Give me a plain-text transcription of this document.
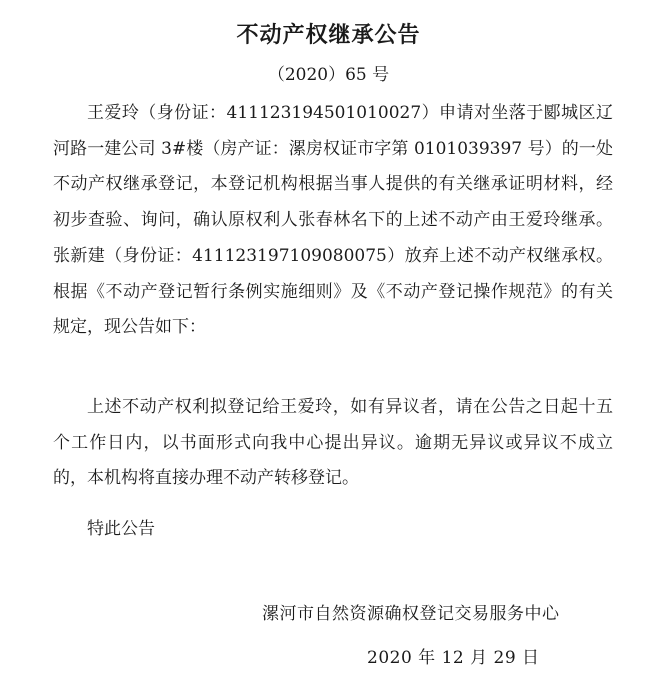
不动产权继承公告
（2020）65 号

王爱玲（身份证：411123194501010027）申请对坐落于郾城区辽河路一建公司 3#楼（房产证：漯房权证市字第 0101039397 号）的一处不动产权继承登记，本登记机构根据当事人提供的有关继承证明材料，经初步查验、询问，确认原权利人张春林名下的上述不动产由王爱玲继承。张新建（身份证：411123197109080075）放弃上述不动产权继承权。根据《不动产登记暂行条例实施细则》及《不动产登记操作规范》的有关规定，现公告如下：

上述不动产权利拟登记给王爱玲，如有异议者，请在公告之日起十五个工作日内，以书面形式向我中心提出异议。逾期无异议或异议不成立的，本机构将直接办理不动产转移登记。

特此公告
漯河市自然资源确权登记交易服务中心
2020 年 12 月 29 日
